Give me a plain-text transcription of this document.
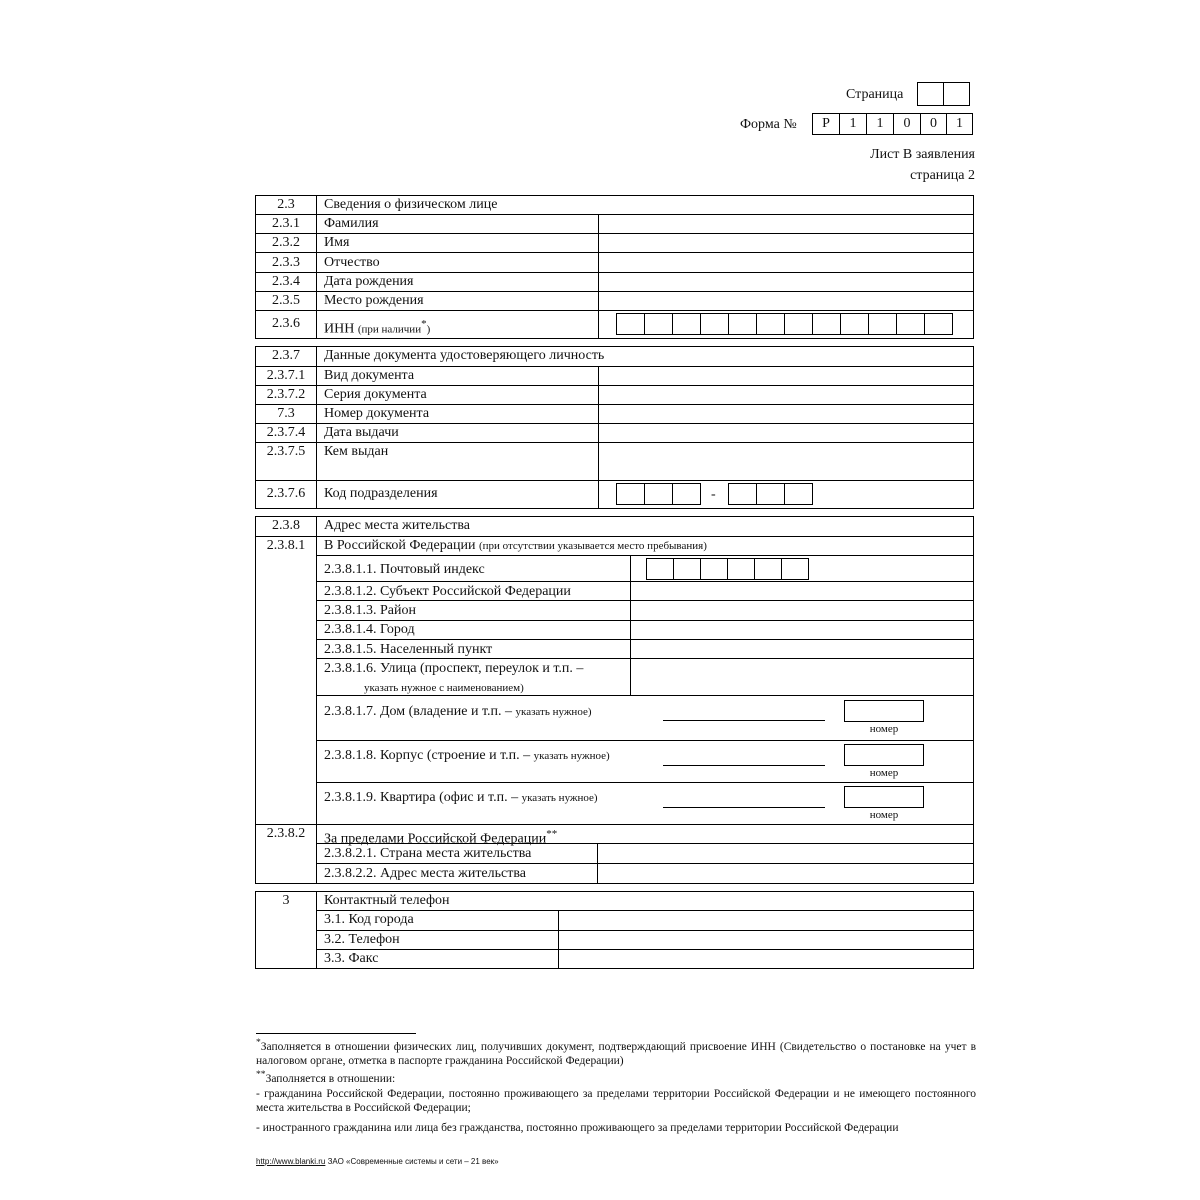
Страница
Форма №	Р	1	1	0	0	1
Лист В заявления
страница 2
2.3	Сведения о физическом лице
2.3.1	Фамилия
2.3.2	Имя
2.3.3	Отчество
2.3.4	Дата рождения
2.3.5	Место рождения
2.3.6	ИНН (при наличии*)
2.3.7	Данные документа удостоверяющего личность
2.3.7.1	Вид документа
2.3.7.2	Серия документа
7.3	Номер документа
2.3.7.4	Дата выдачи
2.3.7.5	Кем выдан
2.3.7.6	Код подразделения	-
2.3.8	Адрес места жительства
2.3.8.1	В Российской Федерации (при отсутствии указывается место пребывания)
2.3.8.1.1. Почтовый индекс
2.3.8.1.2. Субъект Российской Федерации
2.3.8.1.3. Район
2.3.8.1.4. Город
2.3.8.1.5. Населенный пункт
2.3.8.1.6. Улица (проспект, переулок и т.п. –
указать нужное с наименованием)
2.3.8.1.7. Дом (владение и т.п. – указать нужное)
номер
2.3.8.1.8. Корпус (строение и т.п. – указать нужное)
номер
2.3.8.1.9. Квартира (офис и т.п. – указать нужное)
номер
2.3.8.2	За пределами Российской Федерации**
2.3.8.2.1. Страна места жительства
2.3.8.2.2. Адрес места жительства
3	Контактный телефон
3.1. Код города
3.2. Телефон
3.3. Факс
*Заполняется в отношении физических лиц, получивших документ, подтверждающий присвоение ИНН (Свидетельство о постановке на учет в налоговом органе, отметка в паспорте гражданина Российской Федерации)
**Заполняется в отношении:
- гражданина Российской Федерации, постоянно проживающего за пределами территории Российской Федерации и не имеющего постоянного места жительства в Российской Федерации;
- иностранного гражданина или лица без гражданства, постоянно проживающего за пределами территории Российской Федерации
http://www.blanki.ru ЗАО «Современные системы и сети – 21 век»
